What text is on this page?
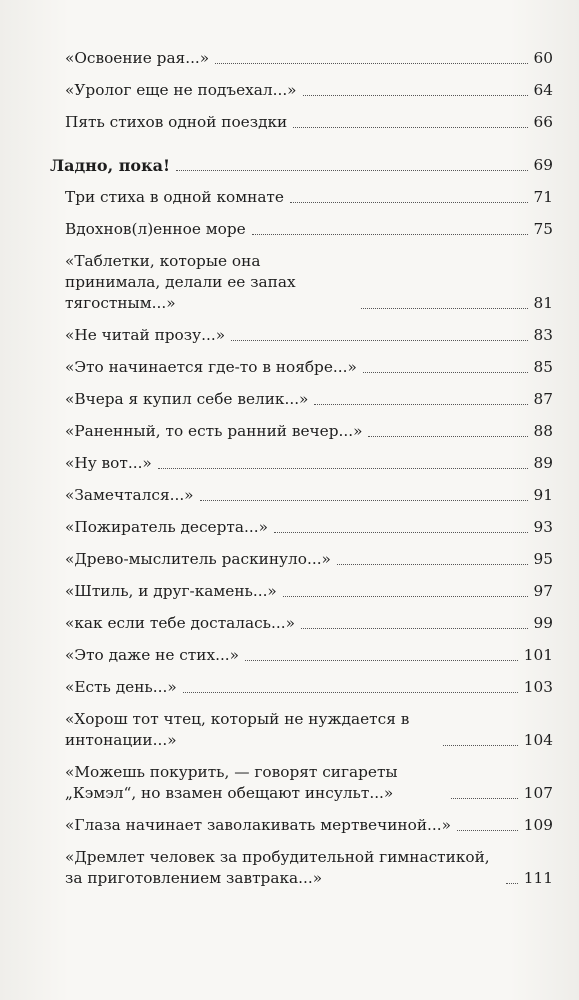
«Освоение рая...»	60
«Уролог еще не подъехал...»	64
Пять стихов одной поездки	66
Ладно, пока!	69
Три стиха в одной комнате	71
Вдохнов(л)енное море	75
«Таблетки, которые она принимала, делали ее запах тягостным...»	81
«Не читай прозу...»	83
«Это начинается где-то в ноябре...»	85
«Вчера я купил себе велик...»	87
«Раненный, то есть ранний вечер...»	88
«Ну вот...»	89
«Замечтался...»	91
«Пожиратель десерта...»	93
«Древо-мыслитель раскинуло...»	95
«Штиль, и друг-камень...»	97
«как если тебе досталась...»	99
«Это даже не стих...»	101
«Есть день...»	103
«Хорош тот чтец, который не нуждается в интонации...»	104
«Можешь покурить, — говорят сигареты „Кэмэл“, но взамен обещают инсульт...»	107
«Глаза начинает заволакивать мертвечиной...»	109
«Дремлет человек за пробудительной гимнастикой, за приготовлением завтрака...»	111
